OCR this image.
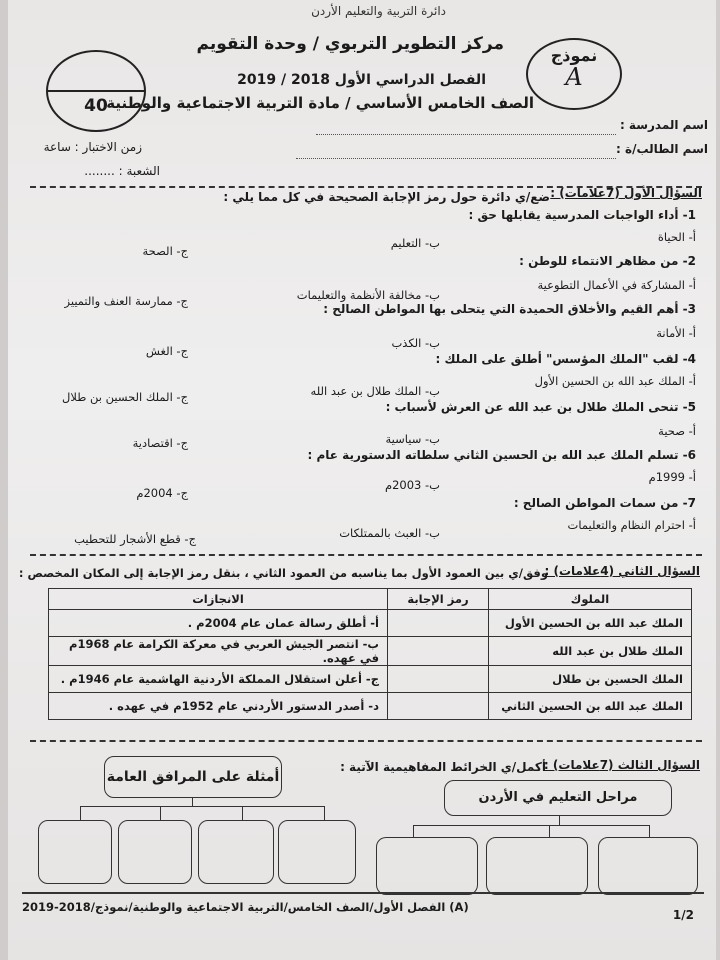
دائرة التربية والتعليم الأردن
مركز التطوير التربوي / وحدة التقويم
الفصل الدراسي الأول 2018 / 2019
الصف الخامس الأساسي / مادة التربية الاجتماعية والوطنية
نموذج
A
40
اسم المدرسة :
اسم الطالب/ة :
زمن الاختبار : ساعة
الشعبة : ........
السؤال الأول (7علامات) :
ضع/ي دائرة حول رمز الإجابة الصحيحة في كل مما يلي :
1- أداء الواجبات المدرسية يقابلها حق :
أ- الحياة
ب- التعليم
ج- الصحة
2- من مظاهر الانتماء للوطن :
أ- المشاركة في الأعمال التطوعية
ب- مخالفة الأنظمة والتعليمات
ج- ممارسة العنف والتمييز
3- أهم القيم والأخلاق الحميدة التي يتحلى بها المواطن الصالح :
أ- الأمانة
ب- الكذب
ج- الغش
4- لقب "الملك المؤسس" أطلق على الملك :
أ- الملك عبد الله بن الحسين الأول
ب- الملك طلال بن عبد الله
ج- الملك الحسين بن طلال
5- تنحى الملك طلال بن عبد الله عن العرش لأسباب :
أ- صحية
ب- سياسية
ج- اقتصادية
6- تسلم الملك عبد الله بن الحسين الثاني سلطاته الدستورية عام :
أ- 1999م
ب- 2003م
ج- 2004م
7- من سمات المواطن الصالح :
أ- احترام النظام والتعليمات
ب- العبث بالممتلكات
ج- قطع الأشجار للتحطيب
السؤال الثاني (4علامات) :
وفق/ي بين العمود الأول بما يناسبه من العمود الثاني ، بنقل رمز الإجابة إلى المكان المخصص :
الملوك	رمز الإجابة	الانجازات
الملك عبد الله بن الحسين الأول		أ- أطلق رسالة عمان عام 2004م .
الملك طلال بن عبد الله		ب- انتصر الجيش العربي في معركة الكرامة عام 1968م في عهده.
الملك الحسين بن طلال		ج- أعلن استقلال المملكة الأردنية الهاشمية عام 1946م .
الملك عبد الله بن الحسين الثاني		د- أصدر الدستور الأردني عام 1952م في عهده .
السؤال الثالث (7علامات) :
أكمل/ي الخرائط المفاهيمية الآتية :
مراحل التعليم في الأردن
أمثلة على المرافق العامة
2019-2018/الفصل الأول/الصف الخامس/التربية الاجتماعية والوطنية/نموذج (A)
1/2
